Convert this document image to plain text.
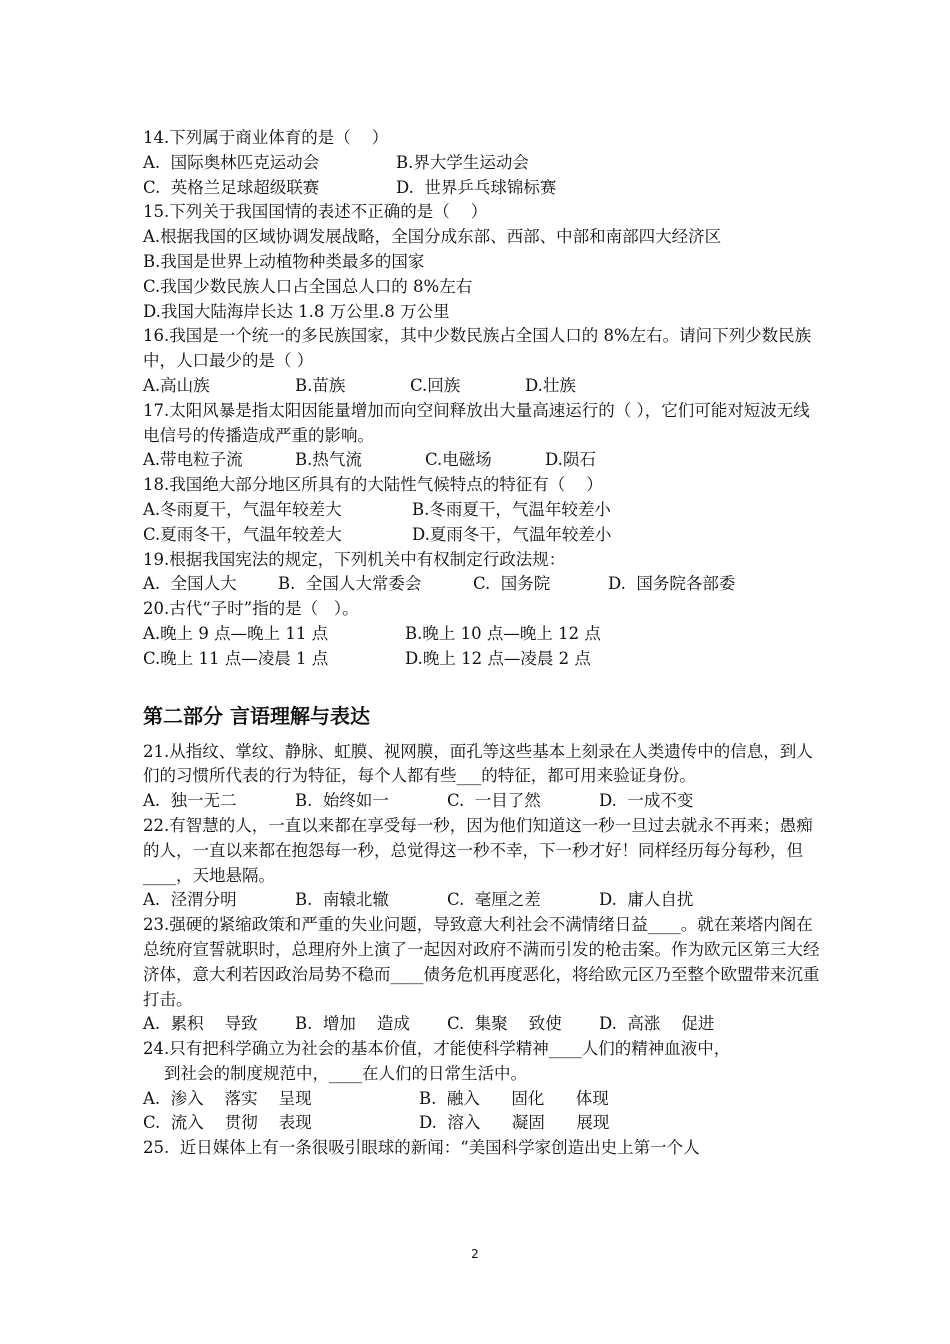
14.下列属于商业体育的是（    ）
A.  国际奥林匹克运动会	B.界大学生运动会
C.  英格兰足球超级联赛	D.  世界乒乓球锦标赛
15.下列关于我国国情的表述不正确的是（    ）
A.根据我国的区域协调发展战略，全国分成东部、西部、中部和南部四大经济区
B.我国是世界上动植物种类最多的国家
C.我国少数民族人口占全国总人口的 8%左右
D.我国大陆海岸长达 1.8 万公里.8 万公里
16.我国是一个统一的多民族国家，其中少数民族占全国人口的 8%左右。请问下列少数民族中，人口最少的是（ ）
A.高山族	B.苗族	C.回族	D.壮族
17.太阳风暴是指太阳因能量增加而向空间释放出大量高速运行的（ ），它们可能对短波无线电信号的传播造成严重的影响。
A.带电粒子流	B.热气流	C.电磁场	D.陨石
18.我国绝大部分地区所具有的大陆性气候特点的特征有（    ）
A.冬雨夏干，气温年较差大	B.冬雨夏干，气温年较差小
C.夏雨冬干，气温年较差大	D.夏雨冬干，气温年较差小
19.根据我国宪法的规定，下列机关中有权制定行政法规：
A.  全国人大	B.  全国人大常委会	C.  国务院	D.  国务院各部委
20.古代“子时”指的是（   ）。
A.晚上 9 点—晚上 11 点	B.晚上 10 点—晚上 12 点
C.晚上 11 点—凌晨 1 点	D.晚上 12 点—凌晨 2 点
第二部分 言语理解与表达
21.从指纹、掌纹、静脉、虹膜、视网膜，面孔等这些基本上刻录在人类遗传中的信息，到人们的习惯所代表的行为特征，每个人都有些___的特征，都可用来验证身份。
A.  独一无二	B.  始终如一	C.  一目了然	D.  一成不变
22.有智慧的人，一直以来都在享受每一秒，因为他们知道这一秒一旦过去就永不再来；愚痴的人，一直以来都在抱怨每一秒，总觉得这一秒不幸，下一秒才好！同样经历每分每秒，但____，天地悬隔。
A.  泾渭分明	B.  南辕北辙	C.  毫厘之差	D.  庸人自扰
23.强硬的紧缩政策和严重的失业问题，导致意大利社会不满情绪日益____。就在莱塔内阁在总统府宣誓就职时，总理府外上演了一起因对政府不满而引发的枪击案。作为欧元区第三大经济体，意大利若因政治局势不稳而____债务危机再度恶化，将给欧元区乃至整个欧盟带来沉重打击。
A.  累积    导致	B.  增加    造成	C.  集聚    致使	D.  高涨    促进
24.只有把科学确立为社会的基本价值，才能使科学精神____人们的精神血液中，
到社会的制度规范中，____在人们的日常生活中。
A.  渗入    落实    呈现	B.  融入      固化      体现
C.  流入    贯彻    表现	D.  溶入      凝固      展现
25.  近日媒体上有一条很吸引眼球的新闻：“美国科学家创造出史上第一个人
2
